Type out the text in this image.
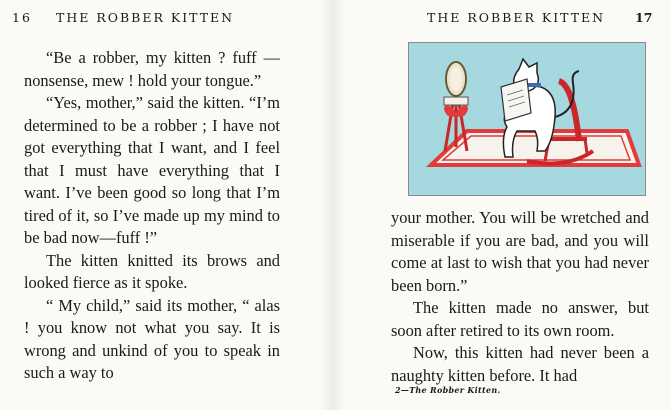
16 THE ROBBER KITTEN

“Be a robber, my kitten ? fuff —nonsense, mew ! hold your tongue.”

“Yes, mother,” said the kitten. “I’m determined to be a robber ; I have not got everything that I want, and I feel that I must have everything that I want. I’ve been good so long that I’m tired of it, so I’ve made up my mind to be bad now—fuff !”

The kitten knitted its brows and looked fierce as it spoke.

“ My child,” said its mother, “ alas ! you know not what you say. It is wrong and unkind of you to speak in such a way to

THE ROBBER KITTEN 17

your mother. You will be wretched and miserable if you are bad, and you will come at last to wish that you had never been born.”

The kitten made no answer, but soon after retired to its own room.

Now, this kitten had never been a naughty kitten before. It had

2—The Robber Kitten.
